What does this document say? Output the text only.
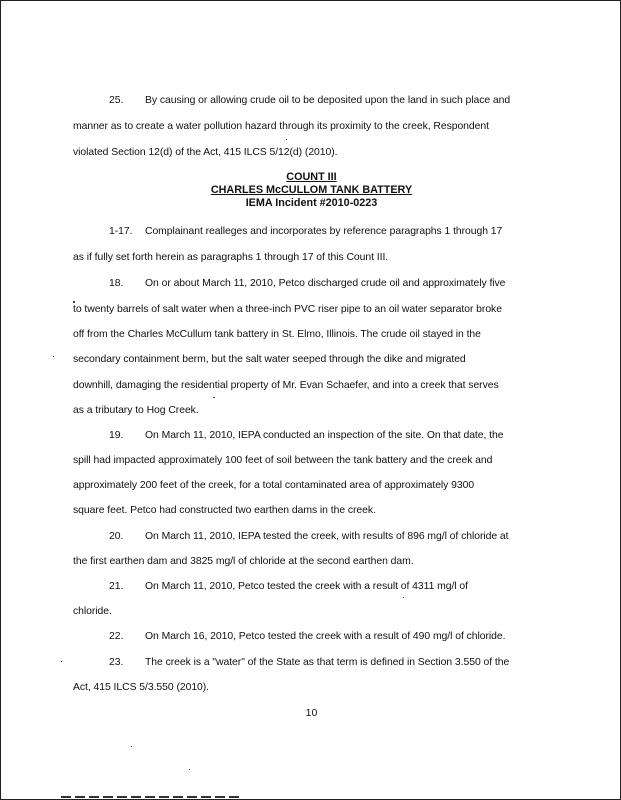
25. By causing or allowing crude oil to be deposited upon the land in such place and
manner as to create a water pollution hazard through its proximity to the creek, Respondent
violated Section 12(d) of the Act, 415 ILCS 5/12(d) (2010).
COUNT III
CHARLES McCULLOM TANK BATTERY
IEMA Incident #2010-0223
1-17. Complainant realleges and incorporates by reference paragraphs 1 through 17
as if fully set forth herein as paragraphs 1 through 17 of this Count III.
18. On or about March 11, 2010, Petco discharged crude oil and approximately five
to twenty barrels of salt water when a three-inch PVC riser pipe to an oil water separator broke
off from the Charles McCullum tank battery in St. Elmo, Illinois. The crude oil stayed in the
secondary containment berm, but the salt water seeped through the dike and migrated
downhill, damaging the residential property of Mr. Evan Schaefer, and into a creek that serves
as a tributary to Hog Creek.
19. On March 11, 2010, IEPA conducted an inspection of the site. On that date, the
spill had impacted approximately 100 feet of soil between the tank battery and the creek and
approximately 200 feet of the creek, for a total contaminated area of approximately 9300
square feet. Petco had constructed two earthen dams in the creek.
20. On March 11, 2010, IEPA tested the creek, with results of 896 mg/l of chloride at
the first earthen dam and 3825 mg/l of chloride at the second earthen dam.
21. On March 11, 2010, Petco tested the creek with a result of 4311 mg/l of
chloride.
22. On March 16, 2010, Petco tested the creek with a result of 490 mg/l of chloride.
23. The creek is a "water" of the State as that term is defined in Section 3.550 of the
Act, 415 ILCS 5/3.550 (2010).
10
